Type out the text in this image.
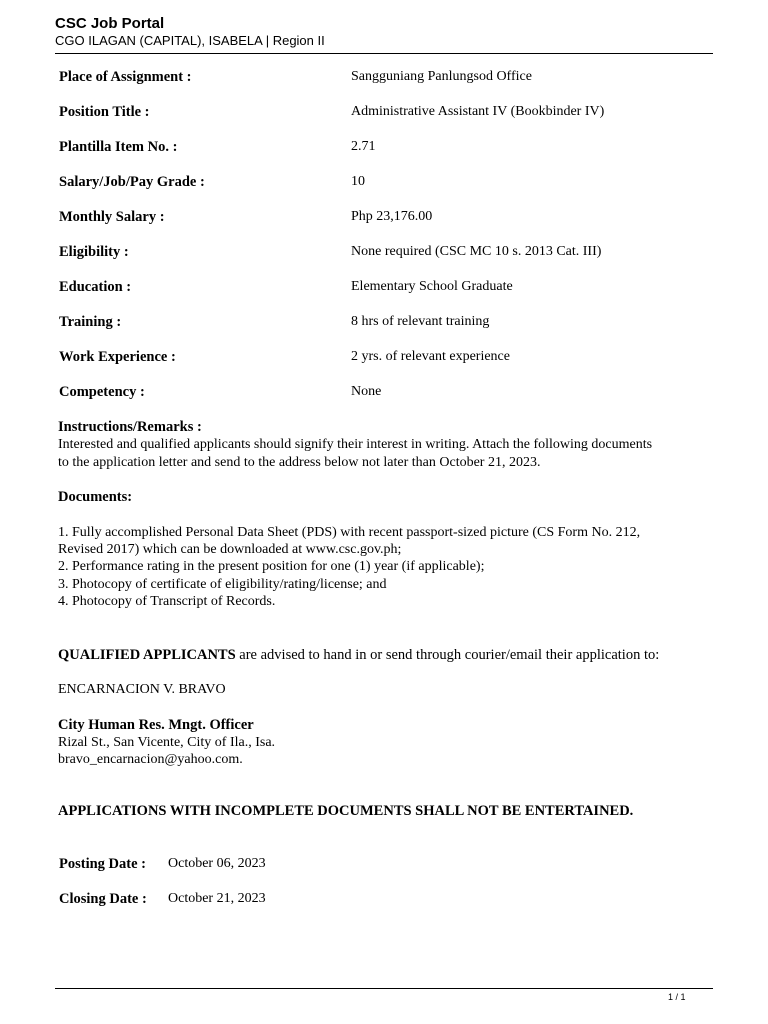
CSC Job Portal
CGO ILAGAN (CAPITAL), ISABELA | Region II
Place of Assignment :	Sangguniang Panlungsod Office
Position Title :	Administrative Assistant IV (Bookbinder IV)
Plantilla Item No. :	2.71
Salary/Job/Pay Grade :	10
Monthly Salary :	Php 23,176.00
Eligibility :	None required (CSC MC 10 s. 2013 Cat. III)
Education :	Elementary School Graduate
Training :	8 hrs of relevant training
Work Experience :	2 yrs. of relevant experience
Competency :	None
Instructions/Remarks :
Interested and qualified applicants should signify their interest in writing. Attach the following documents
to the application letter and send to the address below not later than October 21, 2023.
Documents:
1. Fully accomplished Personal Data Sheet (PDS) with recent passport-sized picture (CS Form No. 212,
Revised 2017) which can be downloaded at www.csc.gov.ph;
2. Performance rating in the present position for one (1) year (if applicable);
3. Photocopy of certificate of eligibility/rating/license; and
4. Photocopy of Transcript of Records.
QUALIFIED APPLICANTS are advised to hand in or send through courier/email their application to:
ENCARNACION V. BRAVO
City Human Res. Mngt. Officer
Rizal St., San Vicente, City of Ila., Isa.
bravo_encarnacion@yahoo.com.
APPLICATIONS WITH INCOMPLETE DOCUMENTS SHALL NOT BE ENTERTAINED.
Posting Date : October 06, 2023
Closing Date : October 21, 2023
1 / 1
